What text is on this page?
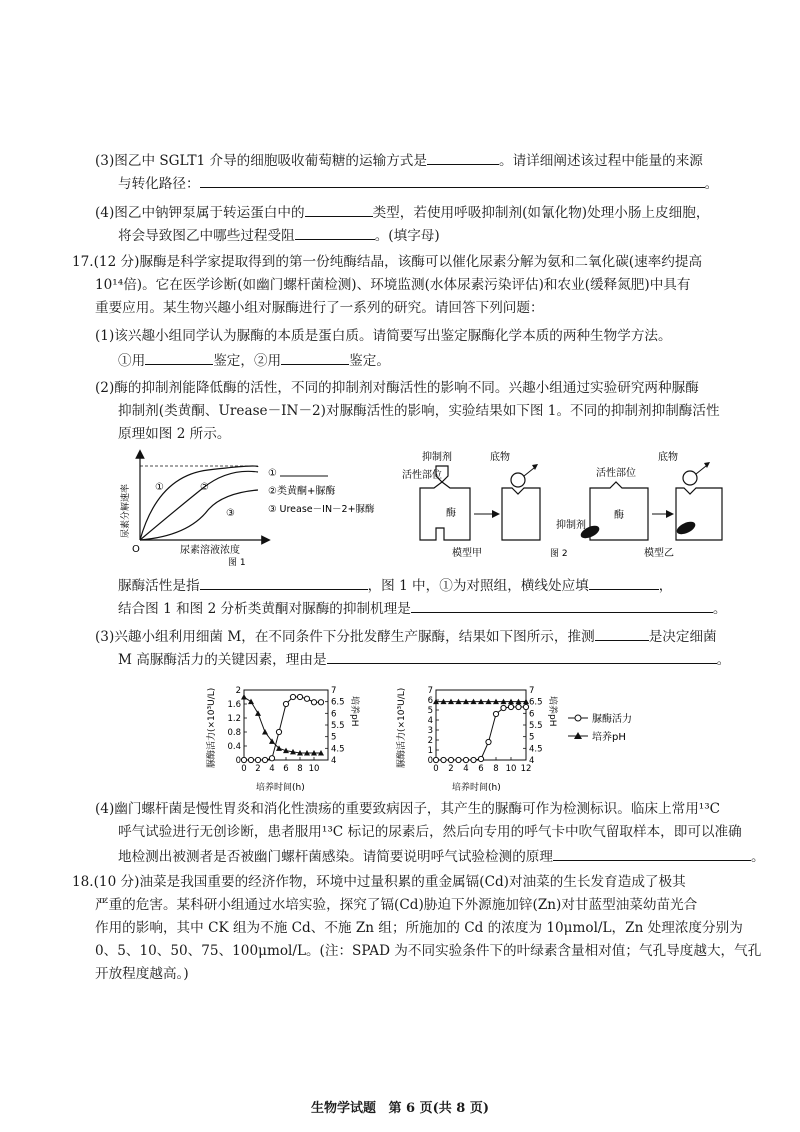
(3)图乙中 SGLT1 介导的细胞吸收葡萄糖的运输方式是	。请详细阐述该过程中能量的来源
与转化路径：	。
(4)图乙中钠钾泵属于转运蛋白中的	类型，若使用呼吸抑制剂(如氰化物)处理小肠上皮细胞，
将会导致图乙中哪些过程受阻	。(填字母)
17.(12 分)脲酶是科学家提取得到的第一份纯酶结晶，该酶可以催化尿素分解为氨和二氧化碳(速率约提高
10¹⁴倍)。它在医学诊断(如幽门螺杆菌检测)、环境监测(水体尿素污染评估)和农业(缓释氮肥)中具有
重要应用。某生物兴趣小组对脲酶进行了一系列的研究。请回答下列问题：
(1)该兴趣小组同学认为脲酶的本质是蛋白质。请简要写出鉴定脲酶化学本质的两种生物学方法。
①用	鉴定，②用	鉴定。
(2)酶的抑制剂能降低酶的活性，不同的抑制剂对酶活性的影响不同。兴趣小组通过实验研究两种脲酶
抑制剂(类黄酮、Urease－IN－2)对脲酶活性的影响，实验结果如下图 1。不同的抑制剂抑制酶活性
原理如图 2 所示。
尿素分解速率
O	尿素溶液浓度
①	②
③
图 1
①
②类黄酮+脲酶
③ Urease－IN－2+脲酶
抑制剂
活性部位
酶
底物
模型甲	图 2
活性部位
底物
酶
抑制剂
模型乙
脲酶活性是指	，图 1 中，①为对照组，横线处应填	，
结合图 1 和图 2 分析类黄酮对脲酶的抑制机理是	。
(3)兴趣小组利用细菌 M，在不同条件下分批发酵生产脲酶，结果如下图所示，推测	是决定细菌
M 高脲酶活力的关键因素，理由是	。
脲酶活力(×10³U/L)	培养pH
培养时间(h)
0
0.4
0.8
1.2
1.6
2
4
4.5
5
5.5
6
6.5
7
0 2 4 6 8 10
脲酶活力(×10³U/L)	培养pH
培养时间(h)
0
1
2
3
4
5
6
7
4
4.5
5
5.5
6
6.5
7
0 2 4 6 8 10 12
脲酶活力
培养pH
(4)幽门螺杆菌是慢性胃炎和消化性溃疡的重要致病因子，其产生的脲酶可作为检测标识。临床上常用¹³C
呼气试验进行无创诊断，患者服用¹³C 标记的尿素后，然后向专用的呼气卡中吹气留取样本，即可以准确
地检测出被测者是否被幽门螺杆菌感染。请简要说明呼气试验检测的原理	。
18.(10 分)油菜是我国重要的经济作物，环境中过量积累的重金属镉(Cd)对油菜的生长发育造成了极其
严重的危害。某科研小组通过水培实验，探究了镉(Cd)胁迫下外源施加锌(Zn)对甘蓝型油菜幼苗光合
作用的影响，其中 CK 组为不施 Cd、不施 Zn 组；所施加的 Cd 的浓度为 10μmol/L，Zn 处理浓度分别为
0、5、10、50、75、100μmol/L。(注：SPAD 为不同实验条件下的叶绿素含量相对值；气孔导度越大，气孔
开放程度越高。)
生物学试题 第 6 页(共 8 页)
